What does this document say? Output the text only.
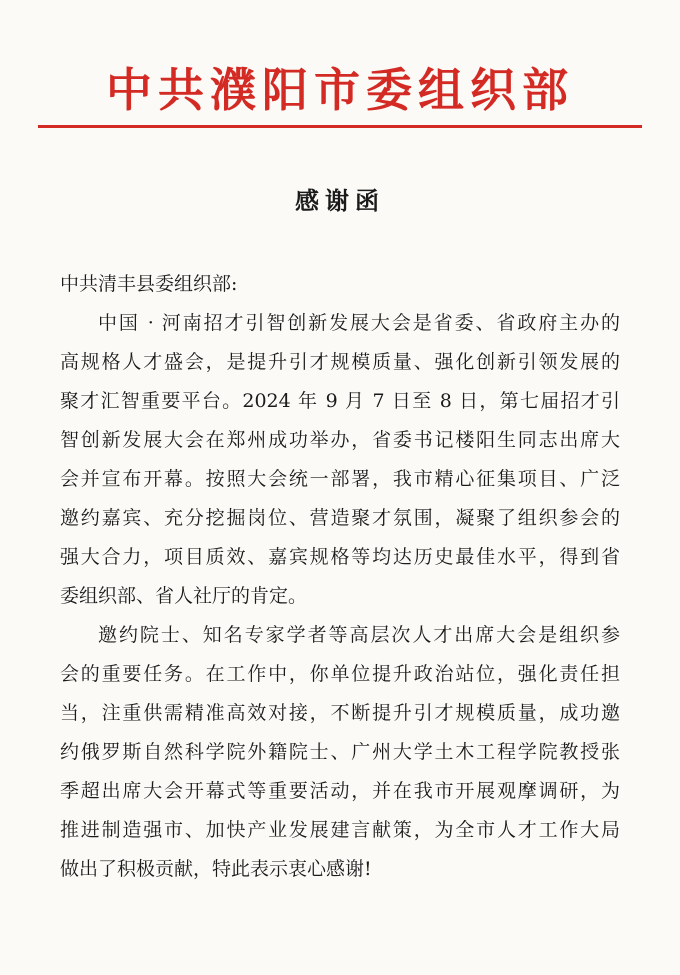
中共濮阳市委组织部
感谢函
中共清丰县委组织部:
中国 · 河南招才引智创新发展大会是省委、省政府主办的
高规格人才盛会，是提升引才规模质量、强化创新引领发展的
聚才汇智重要平台。2024 年 9 月 7 日至 8 日，第七届招才引
智创新发展大会在郑州成功举办，省委书记楼阳生同志出席大
会并宣布开幕。按照大会统一部署，我市精心征集项目、广泛
邀约嘉宾、充分挖掘岗位、营造聚才氛围，凝聚了组织参会的
强大合力，项目质效、嘉宾规格等均达历史最佳水平，得到省
委组织部、省人社厅的肯定。
邀约院士、知名专家学者等高层次人才出席大会是组织参
会的重要任务。在工作中，你单位提升政治站位，强化责任担
当，注重供需精准高效对接，不断提升引才规模质量，成功邀
约俄罗斯自然科学院外籍院士、广州大学土木工程学院教授张
季超出席大会开幕式等重要活动，并在我市开展观摩调研，为
推进制造强市、加快产业发展建言献策，为全市人才工作大局
做出了积极贡献，特此表示衷心感谢!
